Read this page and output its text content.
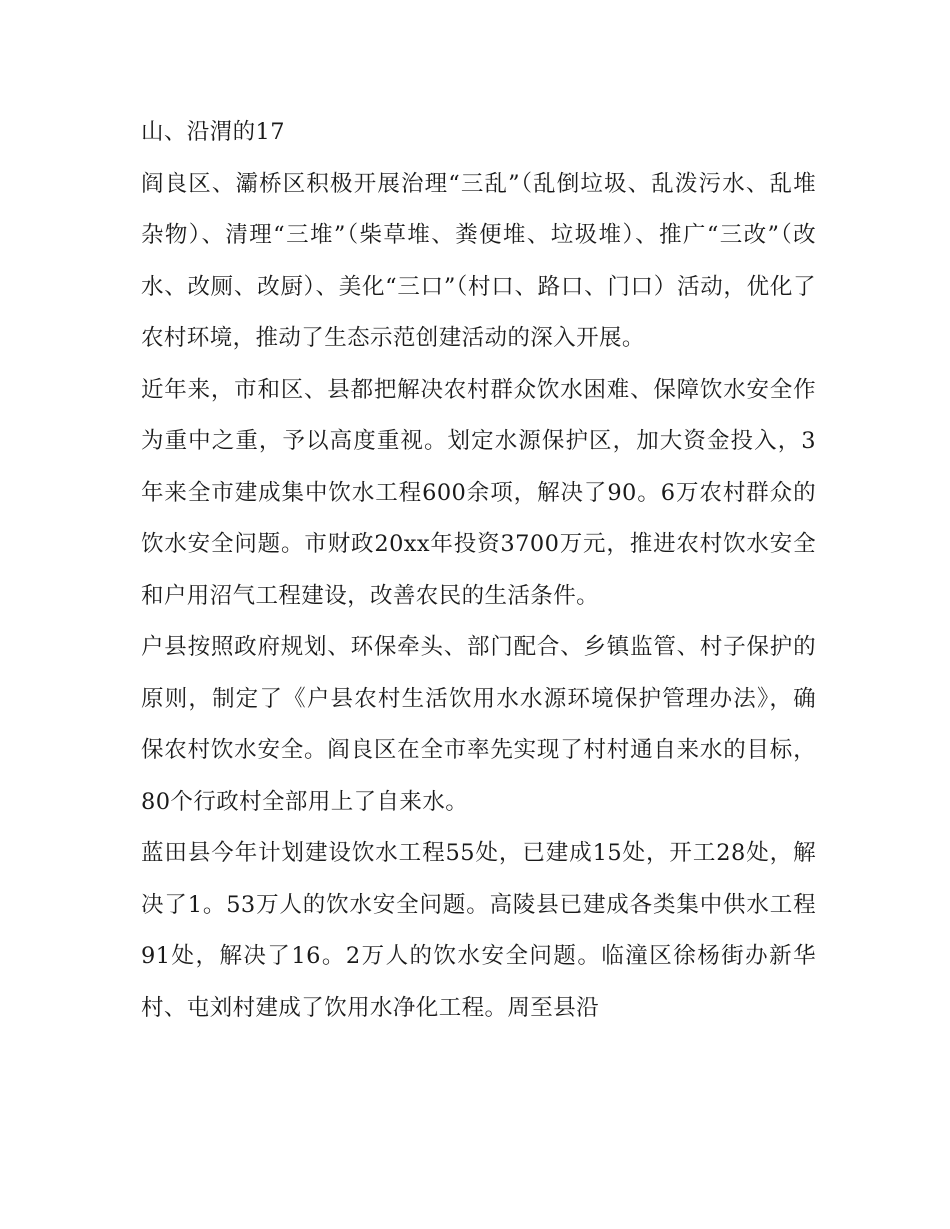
山、沿渭的17

阎良区、灞桥区积极开展治理“三乱”（乱倒垃圾、乱泼污水、乱堆杂物）、清理“三堆”（柴草堆、粪便堆、垃圾堆）、推广“三改”（改水、改厕、改厨）、美化“三口”（村口、路口、门口）活动，优化了农村环境，推动了生态示范创建活动的深入开展。

近年来，市和区、县都把解决农村群众饮水困难、保障饮水安全作为重中之重，予以高度重视。划定水源保护区，加大资金投入，3年来全市建成集中饮水工程600余项，解决了90。6万农村群众的饮水安全问题。市财政20xx年投资3700万元，推进农村饮水安全和户用沼气工程建设，改善农民的生活条件。

户县按照政府规划、环保牵头、部门配合、乡镇监管、村子保护的原则，制定了《户县农村生活饮用水水源环境保护管理办法》，确保农村饮水安全。阎良区在全市率先实现了村村通自来水的目标，80个行政村全部用上了自来水。

蓝田县今年计划建设饮水工程55处，已建成15处，开工28处，解决了1。53万人的饮水安全问题。高陵县已建成各类集中供水工程91处，解决了16。2万人的饮水安全问题。临潼区徐杨街办新华村、屯刘村建成了饮用水净化工程。周至县沿
